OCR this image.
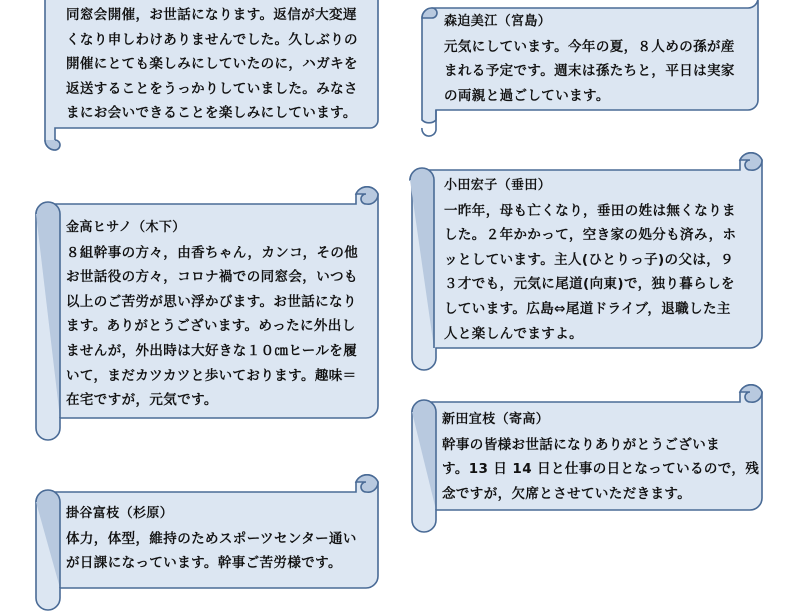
同窓会開催，お世話になります。返信が大変遅
くなり申しわけありませんでした。久しぶりの
開催にとても楽しみにしていたのに，ハガキを
返送することをうっかりしていました。みなさ
まにお会いできることを楽しみにしています。
森迫美江（宮島）
元気にしています。今年の夏，８人めの孫が産
まれる予定です。週末は孫たちと，平日は実家
の両親と過ごしています。
小田宏子（垂田）
一昨年，母も亡くなり，垂田の姓は無くなりま
した。２年かかって，空き家の処分も済み，ホ
ッとしています。主人(ひとりっ子)の父は，９
３才でも，元気に尾道(向東)で，独り暮らしを
しています。広島⇔尾道ドライブ，退職した主
人と楽しんでますよ。
金高ヒサノ（木下）
８組幹事の方々，由香ちゃん，カンコ，その他
お世話役の方々，コロナ禍での同窓会，いつも
以上のご苦労が思い浮かびます。お世話になり
ます。ありがとうございます。めったに外出し
ませんが，外出時は大好きな１０㎝ヒールを履
いて，まだカツカツと歩いております。趣味＝
在宅ですが，元気です。
新田宜枝（寄高）
幹事の皆様お世話になりありがとうございま
す。13 日 14 日と仕事の日となっているので，残
念ですが，欠席とさせていただきます。
掛谷富枝（杉原）
体力，体型，維持のためスポーツセンター通い
が日課になっています。幹事ご苦労様です。
